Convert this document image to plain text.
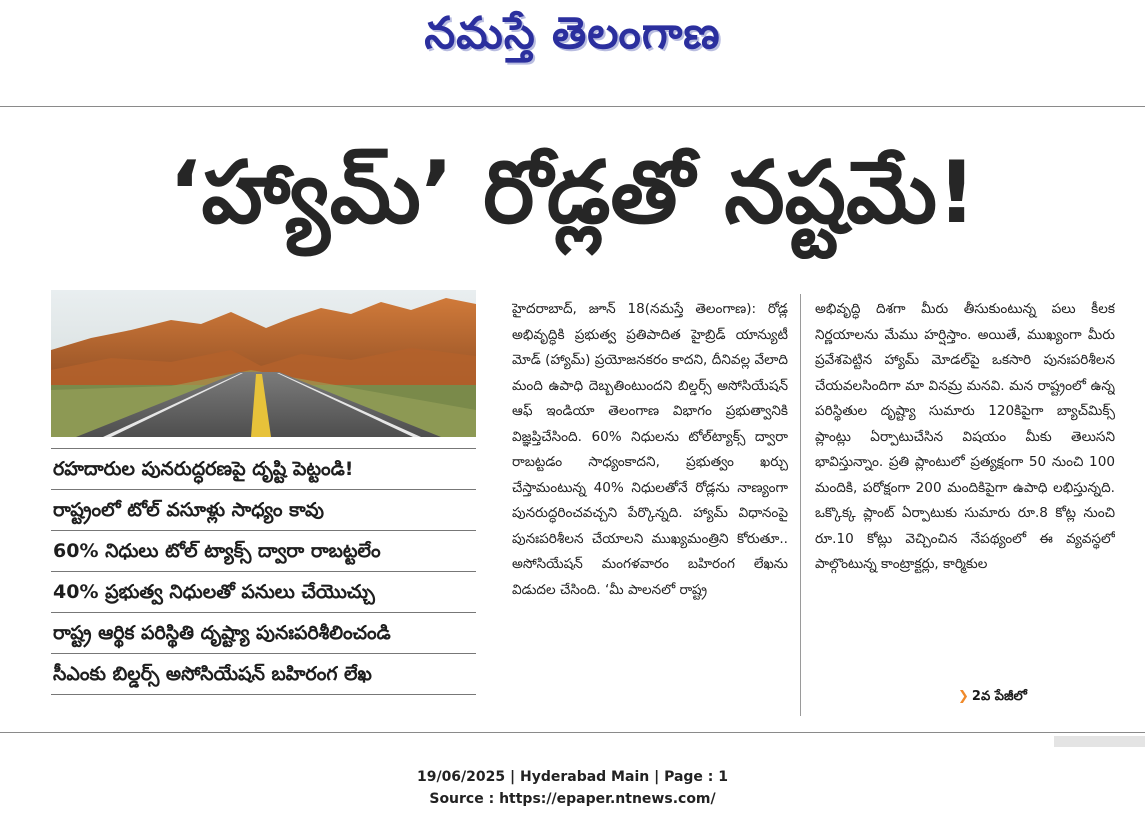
నమస్తే తెలంగాణ
‘హ్యామ్’ రోడ్లతో నష్టమే!
రహదారుల పునరుద్ధరణపై దృష్టి పెట్టండి!
రాష్ట్రంలో టోల్ వసూళ్లు సాధ్యం కావు
60% నిధులు టోల్ ట్యాక్స్ ద్వారా రాబట్టలేం
40% ప్రభుత్వ నిధులతో పనులు చేయొచ్చు
రాష్ట్ర ఆర్థిక పరిస్థితి దృష్ట్యా పునఃపరిశీలించండి
సీఎంకు బిల్డర్స్ అసోసియేషన్ బహిరంగ లేఖ
హైదరాబాద్, జూన్ 18(నమస్తే తెలంగాణ): రోడ్ల అభివృద్ధికి ప్రభుత్వ ప్రతిపాదిత హైబ్రిడ్ యాన్యుటీ మోడ్ (హ్యామ్) ప్రయోజనకరం కాదని, దీనివల్ల వేలాది మంది ఉపాధి దెబ్బతింటుందని బిల్డర్స్ అసోసియేషన్ ఆఫ్ ఇండియా తెలంగాణ విభాగం ప్రభుత్వానికి విజ్ఞప్తిచేసింది. 60% నిధులను టోల్‌ట్యాక్స్ ద్వారా రాబట్టడం సాధ్యంకాదని, ప్రభుత్వం ఖర్చు చేస్తామంటున్న 40% నిధులతోనే రోడ్లను నాణ్యంగా పునరుద్ధరించవచ్చని పేర్కొన్నది. హ్యామ్ విధానంపై పునఃపరిశీలన చేయాలని ముఖ్యమంత్రిని కోరుతూ.. అసోసియేషన్ మంగళవారం బహిరంగ లేఖను విడుదల చేసింది. ‘మీ పాలనలో రాష్ట్ర
అభివృద్ధి దిశగా మీరు తీసుకుంటున్న పలు కీలక నిర్ణయాలను మేము హర్షిస్తాం. అయితే, ముఖ్యంగా మీరు ప్రవేశపెట్టిన హ్యామ్ మోడల్‌పై ఒకసారి పునఃపరిశీలన చేయవలసిందిగా మా వినమ్ర మనవి. మన రాష్ట్రంలో ఉన్న పరిస్థితుల దృష్ట్యా సుమారు 120కిపైగా బ్యాచ్‌మిక్స్ ప్లాంట్లు ఏర్పాటుచేసిన విషయం మీకు తెలుసని భావిస్తున్నాం. ప్రతి ప్లాంటులో ప్రత్యక్షంగా 50 నుంచి 100 మందికి, పరోక్షంగా 200 మందికిపైగా ఉపాధి లభిస్తున్నది. ఒక్కొక్క ప్లాంట్ ఏర్పాటుకు సుమారు రూ.8 కోట్ల నుంచి రూ.10 కోట్లు వెచ్చించిన నేపథ్యంలో ఈ వ్యవస్థలో పాల్గొంటున్న కాంట్రాక్టర్లు, కార్మికుల
❯ 2వ పేజీలో
19/06/2025 | Hyderabad Main | Page : 1
Source : https://epaper.ntnews.com/
